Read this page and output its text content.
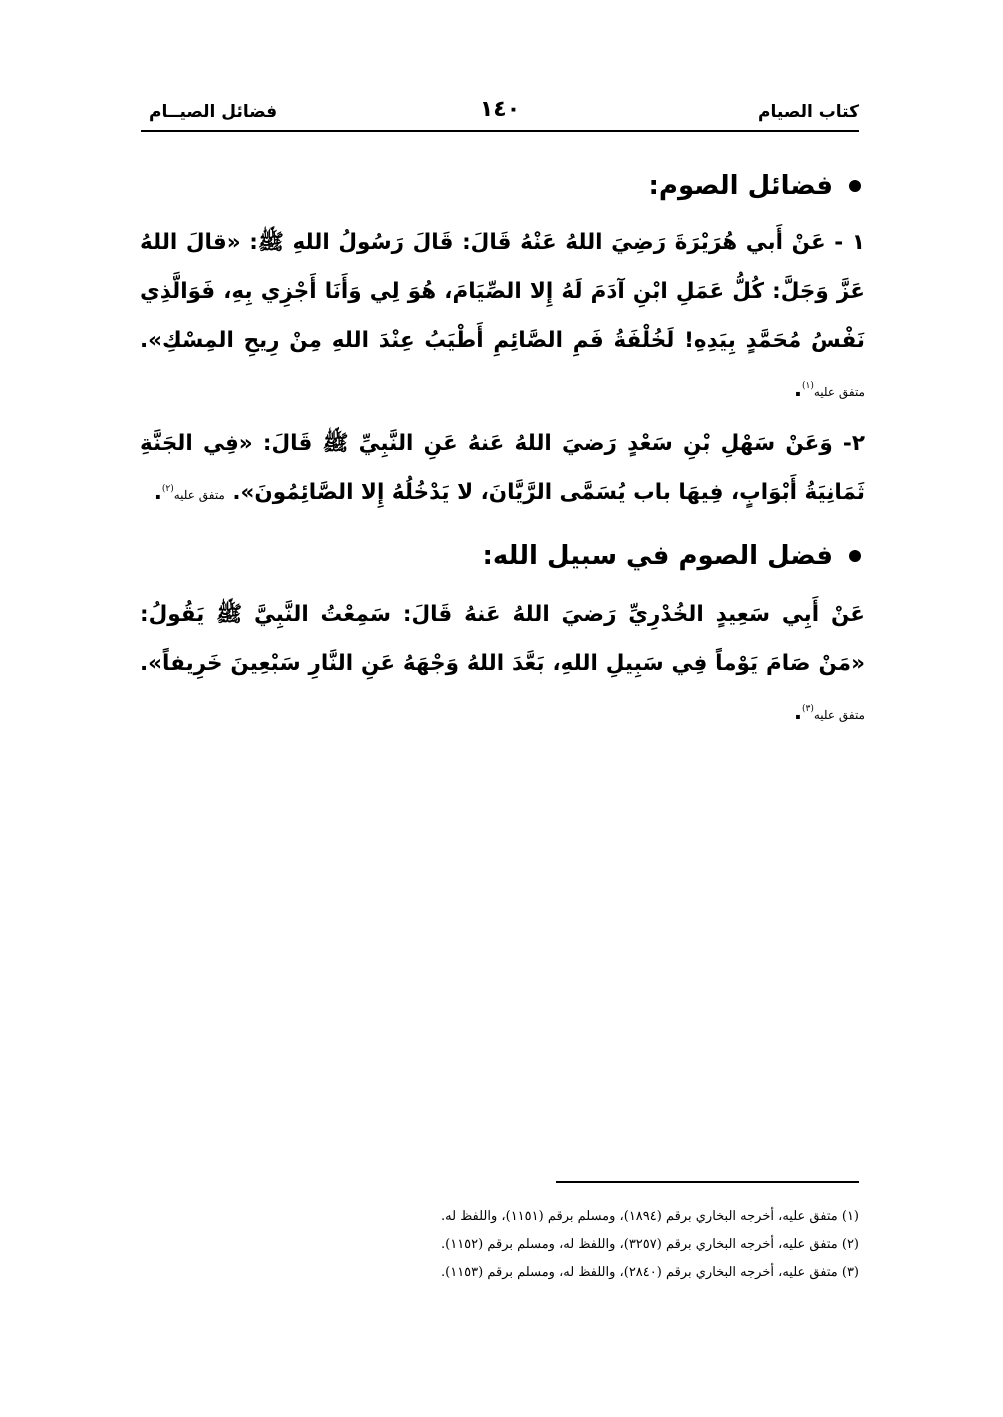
كتاب الصيام
١٤٠
فضائل الصيــام
فضائل الصوم:

١ - عَنْ أَبي هُرَيْرَةَ رَضِيَ اللهُ عَنْهُ قَالَ: قَالَ رَسُولُ اللهِ ﷺ: «قالَ اللهُ عَزَّ وَجَلَّ: كُلُّ عَمَلِ ابْنِ آدَمَ لَهُ إِلا الصِّيَامَ، هُوَ لِي وَأَنَا أَجْزِي بِهِ، فَوَالَّذِي نَفْسُ مُحَمَّدٍ بِيَدِهِ! لَخُلْفَةُ فَمِ الصَّائِمِ أَطْيَبُ عِنْدَ اللهِ مِنْ رِيحِ المِسْكِ». متفق عليه$^{(١)}$.

٢- وَعَنْ سَهْلِ بْنِ سَعْدٍ رَضيَ اللهُ عَنهُ عَنِ النَّبِيِّ ﷺ قَالَ: «فِي الجَنَّةِ ثَمَانِيَةُ أَبْوَابٍ، فِيهَا باب يُسَمَّى الرَّيَّانَ، لا يَدْخُلُهُ إِلا الصَّائِمُونَ». متفق عليه$^{(٢)}$.

فضل الصوم في سبيل الله:

عَنْ أَبِي سَعِيدٍ الخُدْرِيِّ رَضيَ اللهُ عَنهُ قَالَ: سَمِعْتُ النَّبِيَّ ﷺ يَقُولُ: «مَنْ صَامَ يَوْماً فِي سَبِيلِ اللهِ، بَعَّدَ اللهُ وَجْهَهُ عَنِ النَّارِ سَبْعِينَ خَرِيفاً». متفق عليه$^{(٣)}$.

(١) متفق عليه، أخرجه البخاري برقم (١٨٩٤)، ومسلم برقم (١١٥١)، واللفظ له.

(٢) متفق عليه، أخرجه البخاري برقم (٣٢٥٧)، واللفظ له، ومسلم برقم (١١٥٢).

(٣) متفق عليه، أخرجه البخاري برقم (٢٨٤٠)، واللفظ له، ومسلم برقم (١١٥٣).
